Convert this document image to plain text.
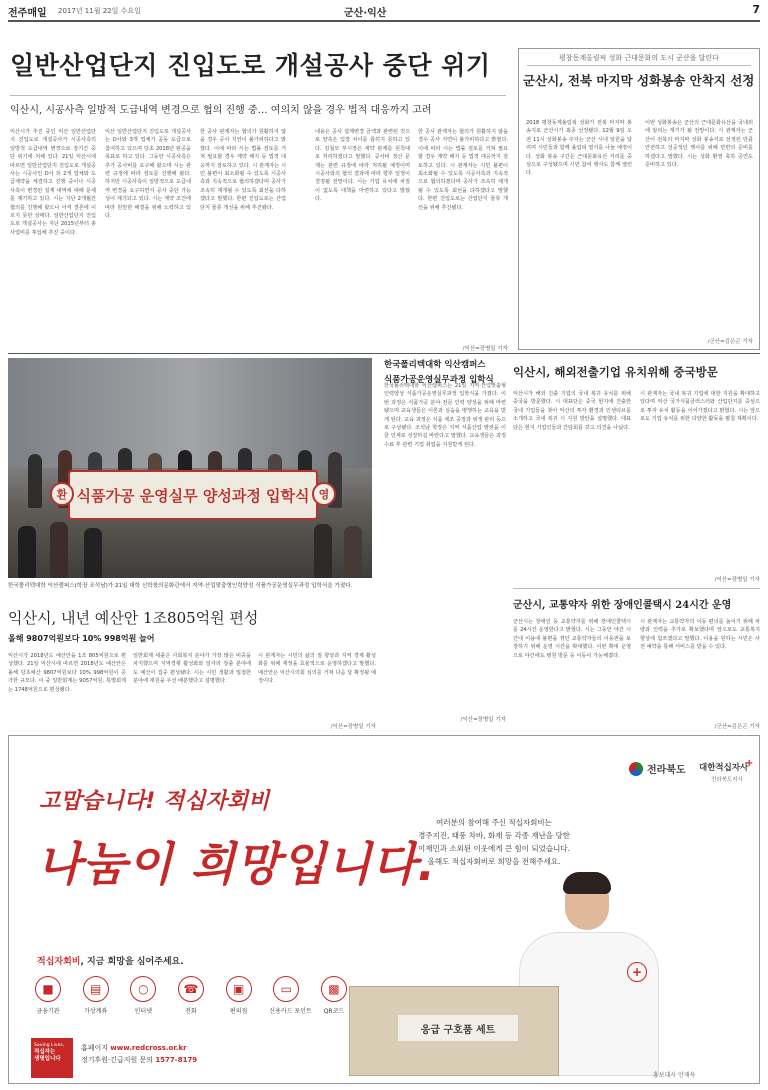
전주매일 2017년 11월 22일 수요일	군산·익산	7
일반산업단지 진입도로 개설공사 중단 위기
익산시, 시공사측 일방적 도급내역 변경으로 협의 진행 중… 여의치 않을 경우 법적 대응까지 고려
익산시가 추진 중인 익산 일반산업단지 진입도로 개설공사가 시공사측의 일방적 도급내역 변경으로 장기간 중단 위기에 처해 있다. 21일 익산시에 따르면 일반산업단지 진입도로 개설공사는 시공사인 D사 외 2개 업체와 도급계약을 체결하고 진행 중이나 시공사측이 변경된 설계 내역에 대해 문제를 제기하고 있다. 시는 지난 2개월간 협의를 진행해 왔으나 아직 결론에 이르지 못한 상태다. 일반산업단지 진입도로 개설공사는 지난 2015년부터 총사업비를 투입해 추진 중이다.
익산 일반산업단지 진입도로 개설공사는 D사와 3개 업체가 공동 도급으로 참여하고 있으며 당초 2018년 완공을 목표로 하고 있다. 그동안 시공사측은 추가 공사비를 요구해 왔으며 시는 관련 규정에 따라 검토를 진행해 왔다. 하지만 시공사측이 일방적으로 도급내역 변경을 요구하면서 공사 중단 가능성이 제기되고 있다. 시는 계약 조건에 따라 원만한 해결을 위해 노력하고 있다.
한 공사 관계자는 협의가 원활하지 않을 경우 공사 지연이 불가피하다고 밝혔다. 이에 따라 시는 법률 검토를 거쳐 필요할 경우 계약 해지 등 법적 대응까지 검토하고 있다. 시 관계자는 시민 불편이 최소화될 수 있도록 시공사측과 지속적으로 협의하겠다며 공사가 조속히 재개될 수 있도록 최선을 다하겠다고 말했다. 한편 진입도로는 산업단지 물류 개선을 위해 추진됐다.
내용은 공사 설계변경 금액과 관련된 것으로 양측은 입장 차이를 좁히지 못하고 있다. 김철모 부시장은 계약 관계를 원칙대로 처리하겠다고 말했다. 공사비 정산 문제는 관련 규정에 따라 처리될 예정이며 시공사와의 협의 결과에 따라 향후 일정이 결정될 전망이다. 시는 기업 유치에 차질이 없도록 대책을 마련하고 있다고 밝혔다.
한 공사 관계자는 협의가 원활하지 않을 경우 공사 지연이 불가피하다고 밝혔다. 이에 따라 시는 법률 검토를 거쳐 필요할 경우 계약 해지 등 법적 대응까지 검토하고 있다. 시 관계자는 시민 불편이 최소화될 수 있도록 시공사측과 지속적으로 협의하겠다며 공사가 조속히 재개될 수 있도록 최선을 다하겠다고 말했다. 한편 진입도로는 산업단지 물류 개선을 위해 추진됐다.
/익산=장병일 기자
평창동계올림픽 성화 근대문화의 도시 군산을 달린다
군산시, 전북 마지막 성화봉송 안착지 선정
2018 평창동계올림픽 성화가 전북 마지막 봉송지로 군산시가 최종 선정됐다. 12월 9일 오전 11시 성화봉송 주자는 군산 시내 일원을 달리며 시민들과 함께 올림픽 열기를 나눌 예정이다. 성화 봉송 구간은 근대문화유산 거리를 중심으로 구성됐으며 시민 참여 행사도 함께 열린다.
이번 성화봉송은 군산의 근대문화유산을 국내외에 알리는 계기가 될 전망이다. 시 관계자는 군산이 전북의 마지막 성화 봉송지로 선정된 만큼 안전하고 성공적인 행사를 위해 만반의 준비를 하겠다고 말했다. 시는 성화 환영 축하 공연도 준비하고 있다.
/군산=김은곤 기자
환 식품가공 운영실무 양성과정 입학식 영
한국폴리텍대학 익산캠퍼스(학장 조석남)가 21일 대학 신학창의문화관에서 지역·산업맞춤형인력양성 식품가공운영실무과정 입학식을 가졌다.
한국폴리텍대학 익산캠퍼스
식품가공운영실무과정 입학식
한국폴리텍대학 익산캠퍼스는 21일 지역·산업맞춤형 인력양성 식품가공운영실무과정 입학식을 가졌다. 이번 과정은 식품가공 분야 전문 인력 양성을 위해 마련됐으며 교육생들은 이론과 실습을 병행하는 교육을 받게 된다. 교육 과정은 식품 제조 공정과 위생 관리 등으로 구성됐다. 조석남 학장은 지역 식품산업 발전을 이끌 인재로 성장하길 바란다고 말했다. 교육생들은 과정 수료 후 관련 기업 취업을 지원받게 된다.
/익산=장병일 기자
익산시, 해외전출기업 유치위해 중국방문
익산시가 해외 진출 기업의 국내 복귀 유치를 위해 중국을 방문했다. 시 대표단은 중국 현지에 진출한 국내 기업들을 찾아 익산의 투자 환경과 인센티브를 소개하고 국내 복귀 시 지원 방안을 설명했다. 대표단은 현지 기업인들과 간담회를 갖고 의견을 나눴다.
시 관계자는 국내 복귀 기업에 대한 지원을 확대하고 있다며 익산 국가식품클러스터와 산업단지를 중심으로 투자 유치 활동을 이어가겠다고 밝혔다. 시는 앞으로도 기업 유치를 위한 다양한 활동을 펼칠 계획이다.
/익산=장병일 기자
익산시, 내년 예산안 1조805억원 편성
올해 9807억원보다 10% 998억원 늘어
익산시가 2018년도 예산안을 1조 805억원으로 편성했다. 21일 익산시에 따르면 2018년도 예산안은 올해 당초예산 9807억원보다 10% 998억원이 증가한 규모다. 이 중 일반회계는 9057억원, 특별회계는 1748억원으로 편성됐다.
일반회계 세출은 사회복지 분야가 가장 많은 비중을 차지했으며 지역경제 활성화와 일자리 창출 분야에도 예산이 집중 편성됐다. 시는 시민 생활과 밀접한 분야에 재원을 우선 배분했다고 설명했다.
시 관계자는 시민의 삶의 질 향상과 지역 경제 활성화를 위해 재정을 효율적으로 운영하겠다고 말했다. 예산안은 익산시의회 심의를 거쳐 다음 달 확정될 예정이다.
/익산=장병일 기자
군산시, 교통약자 위한 장애인콜택시 24시간 운영
군산시는 장애인 등 교통약자를 위해 장애인콜택시를 24시간 운영한다고 밝혔다. 시는 그동안 야간 시간대 이용에 불편을 겪던 교통약자들의 이동권을 보장하기 위해 운영 시간을 확대했다. 이번 확대 운영으로 야간에도 병원 방문 등 이동이 가능해졌다.
시 관계자는 교통약자의 이동 편의를 높이기 위해 차량과 인력을 추가로 확보했다며 앞으로도 교통복지 향상에 힘쓰겠다고 말했다. 이용을 원하는 시민은 사전 예약을 통해 서비스를 받을 수 있다.
/군산=김은곤 기자
고맙습니다! 적십자회비
나눔이 희망입니다.
여러분의 참여해 주신 적십자회비는
경주지진, 태풍 차바, 화재 등 각종 재난을 당한
이재민과 소외된 이웃에게 큰 힘이 되었습니다.
올해도 적십자회비로 희망을 전해주세요.
전라북도 대한적십자사
+
전라북도지사
+
응급 구호품 세트
홍보대사 안재욱
적십자회비, 지금 희망을 심어주세요.
■
금융기관
▤
가상계좌
○
인터넷
☎
전화
▣
편의점
▭
신용카드 포인트
▩
QR코드
Saving Lives,
적십자는
생명입니다
홈페이지 www.redcross.or.kr
정기후원·긴급지원 문의 1577-8179
